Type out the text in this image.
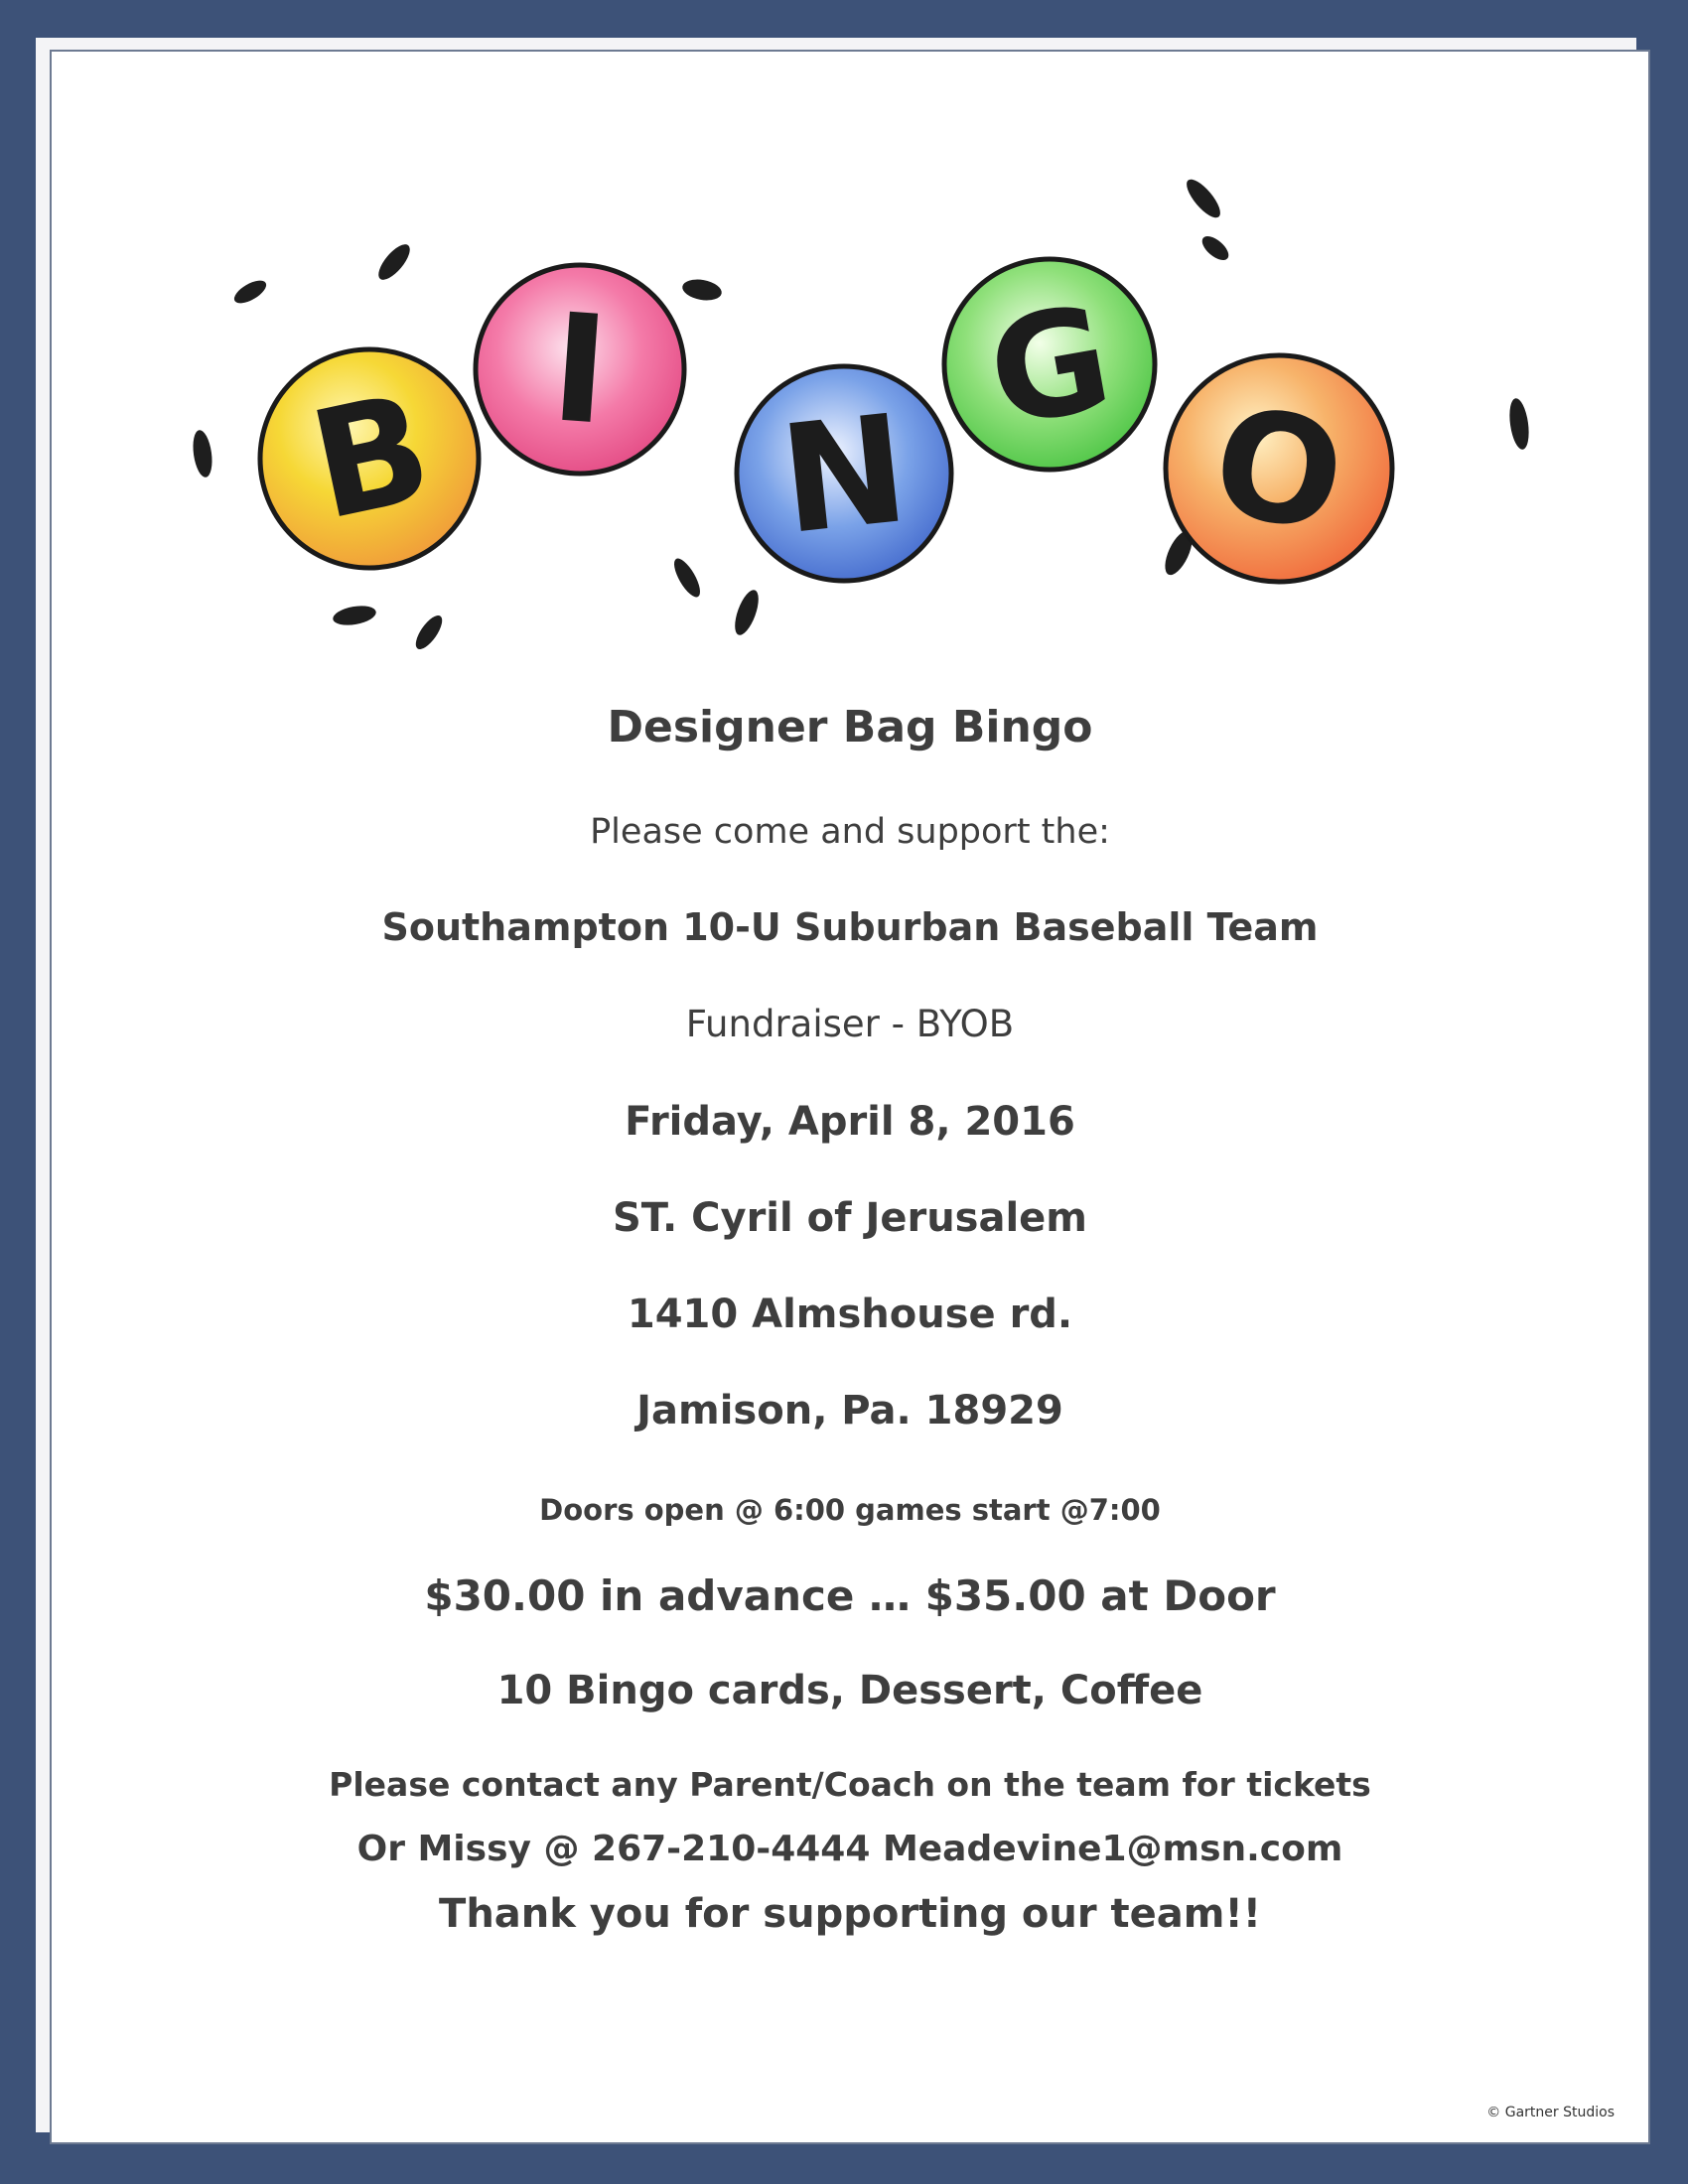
B I
N
G
O
Designer Bag Bingo
Please come and support the:
Southampton 10-U Suburban Baseball Team
Fundraiser - BYOB
Friday, April 8, 2016
ST. Cyril of Jerusalem
1410 Almshouse rd.
Jamison, Pa. 18929
Doors open @ 6:00 games start @7:00
$30.00 in advance … $35.00 at Door
10 Bingo cards, Dessert, Coffee
Please contact any Parent/Coach on the team for tickets
Or Missy @ 267-210-4444 Meadevine1@msn.com
Thank you for supporting our team!!
© Gartner Studios
